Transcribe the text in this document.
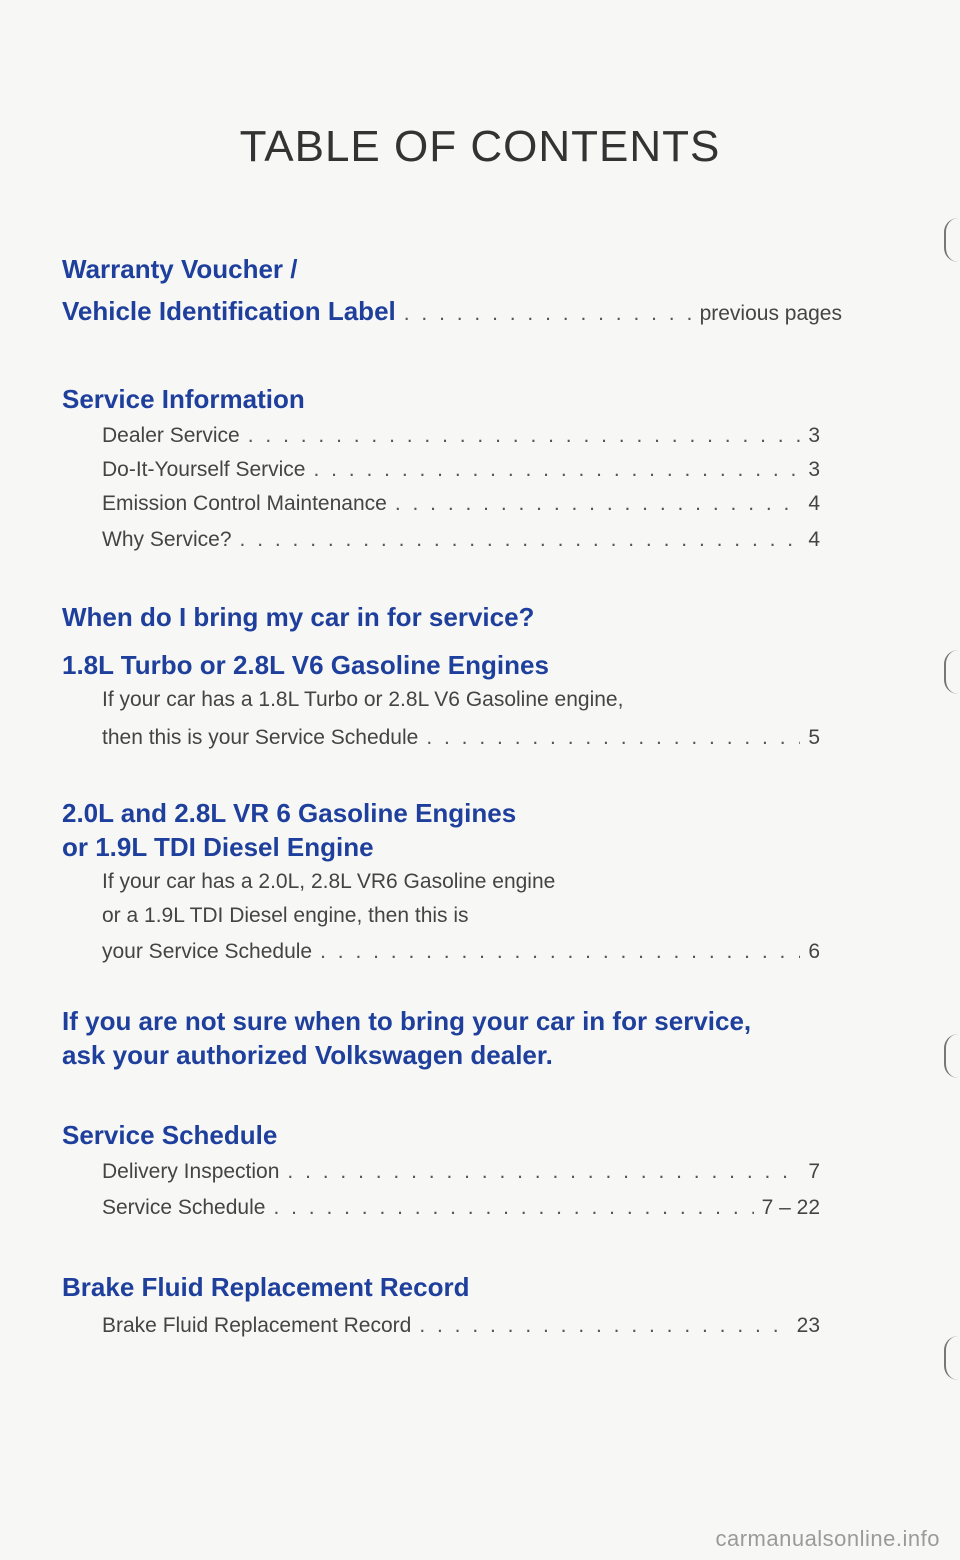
TABLE OF CONTENTS
Warranty Voucher /
Vehicle Identification Label . . .	previous pages
Service Information
Dealer Service . . .	3
Do-It-Yourself Service . . .	3
Emission Control Maintenance . . .	4
Why Service? . . .	4
When do I bring my car in for service?
1.8L Turbo or 2.8L V6 Gasoline Engines
If your car has a 1.8L Turbo or 2.8L V6 Gasoline engine,
then this is your Service Schedule . . .	5
2.0L and 2.8L VR 6 Gasoline Engines
or 1.9L TDI Diesel Engine
If your car has a 2.0L, 2.8L VR6 Gasoline engine
or a 1.9L TDI Diesel engine, then this is
your Service Schedule . . .	6
If you are not sure when to bring your car in for service,
ask your authorized Volkswagen dealer.
Service Schedule
Delivery Inspection . . .	7
Service Schedule . . .	7 – 22
Brake Fluid Replacement Record
Brake Fluid Replacement Record . . .	23
carmanualsonline.info
